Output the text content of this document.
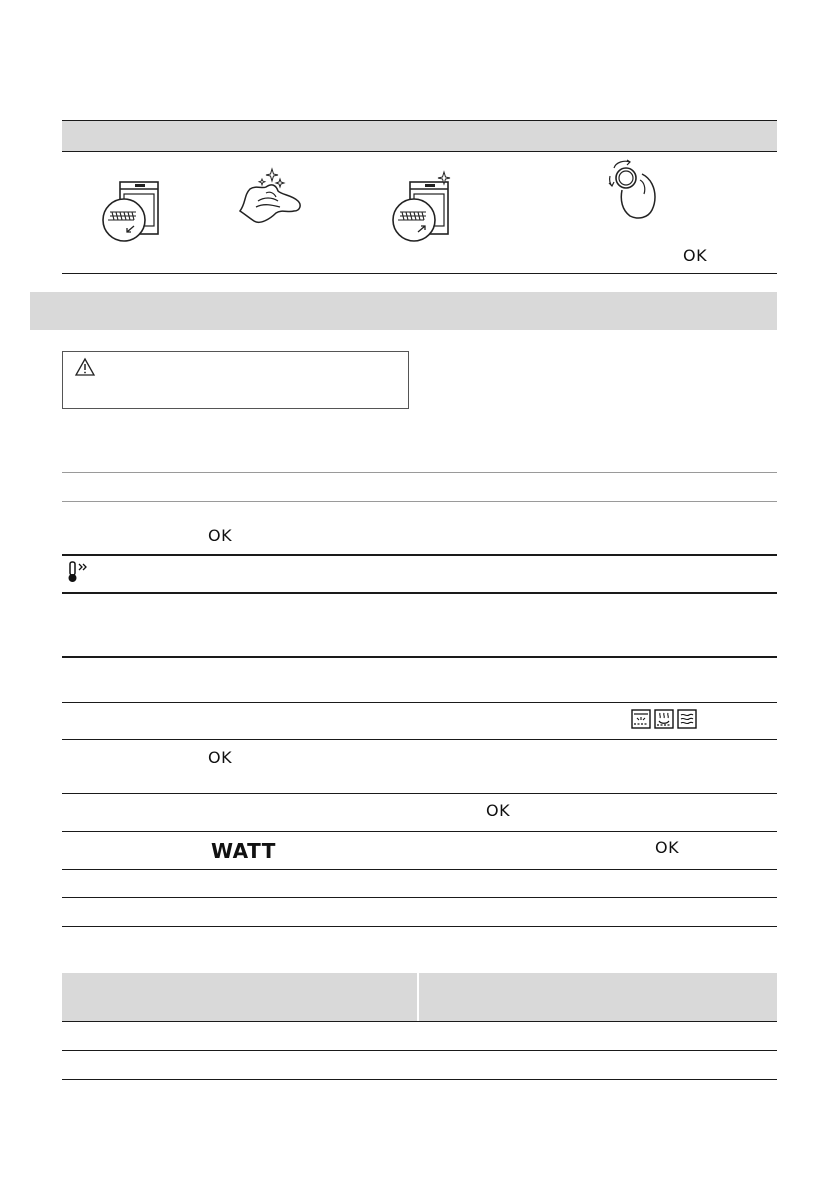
OK
OK
OK
OK
WATT	OK
